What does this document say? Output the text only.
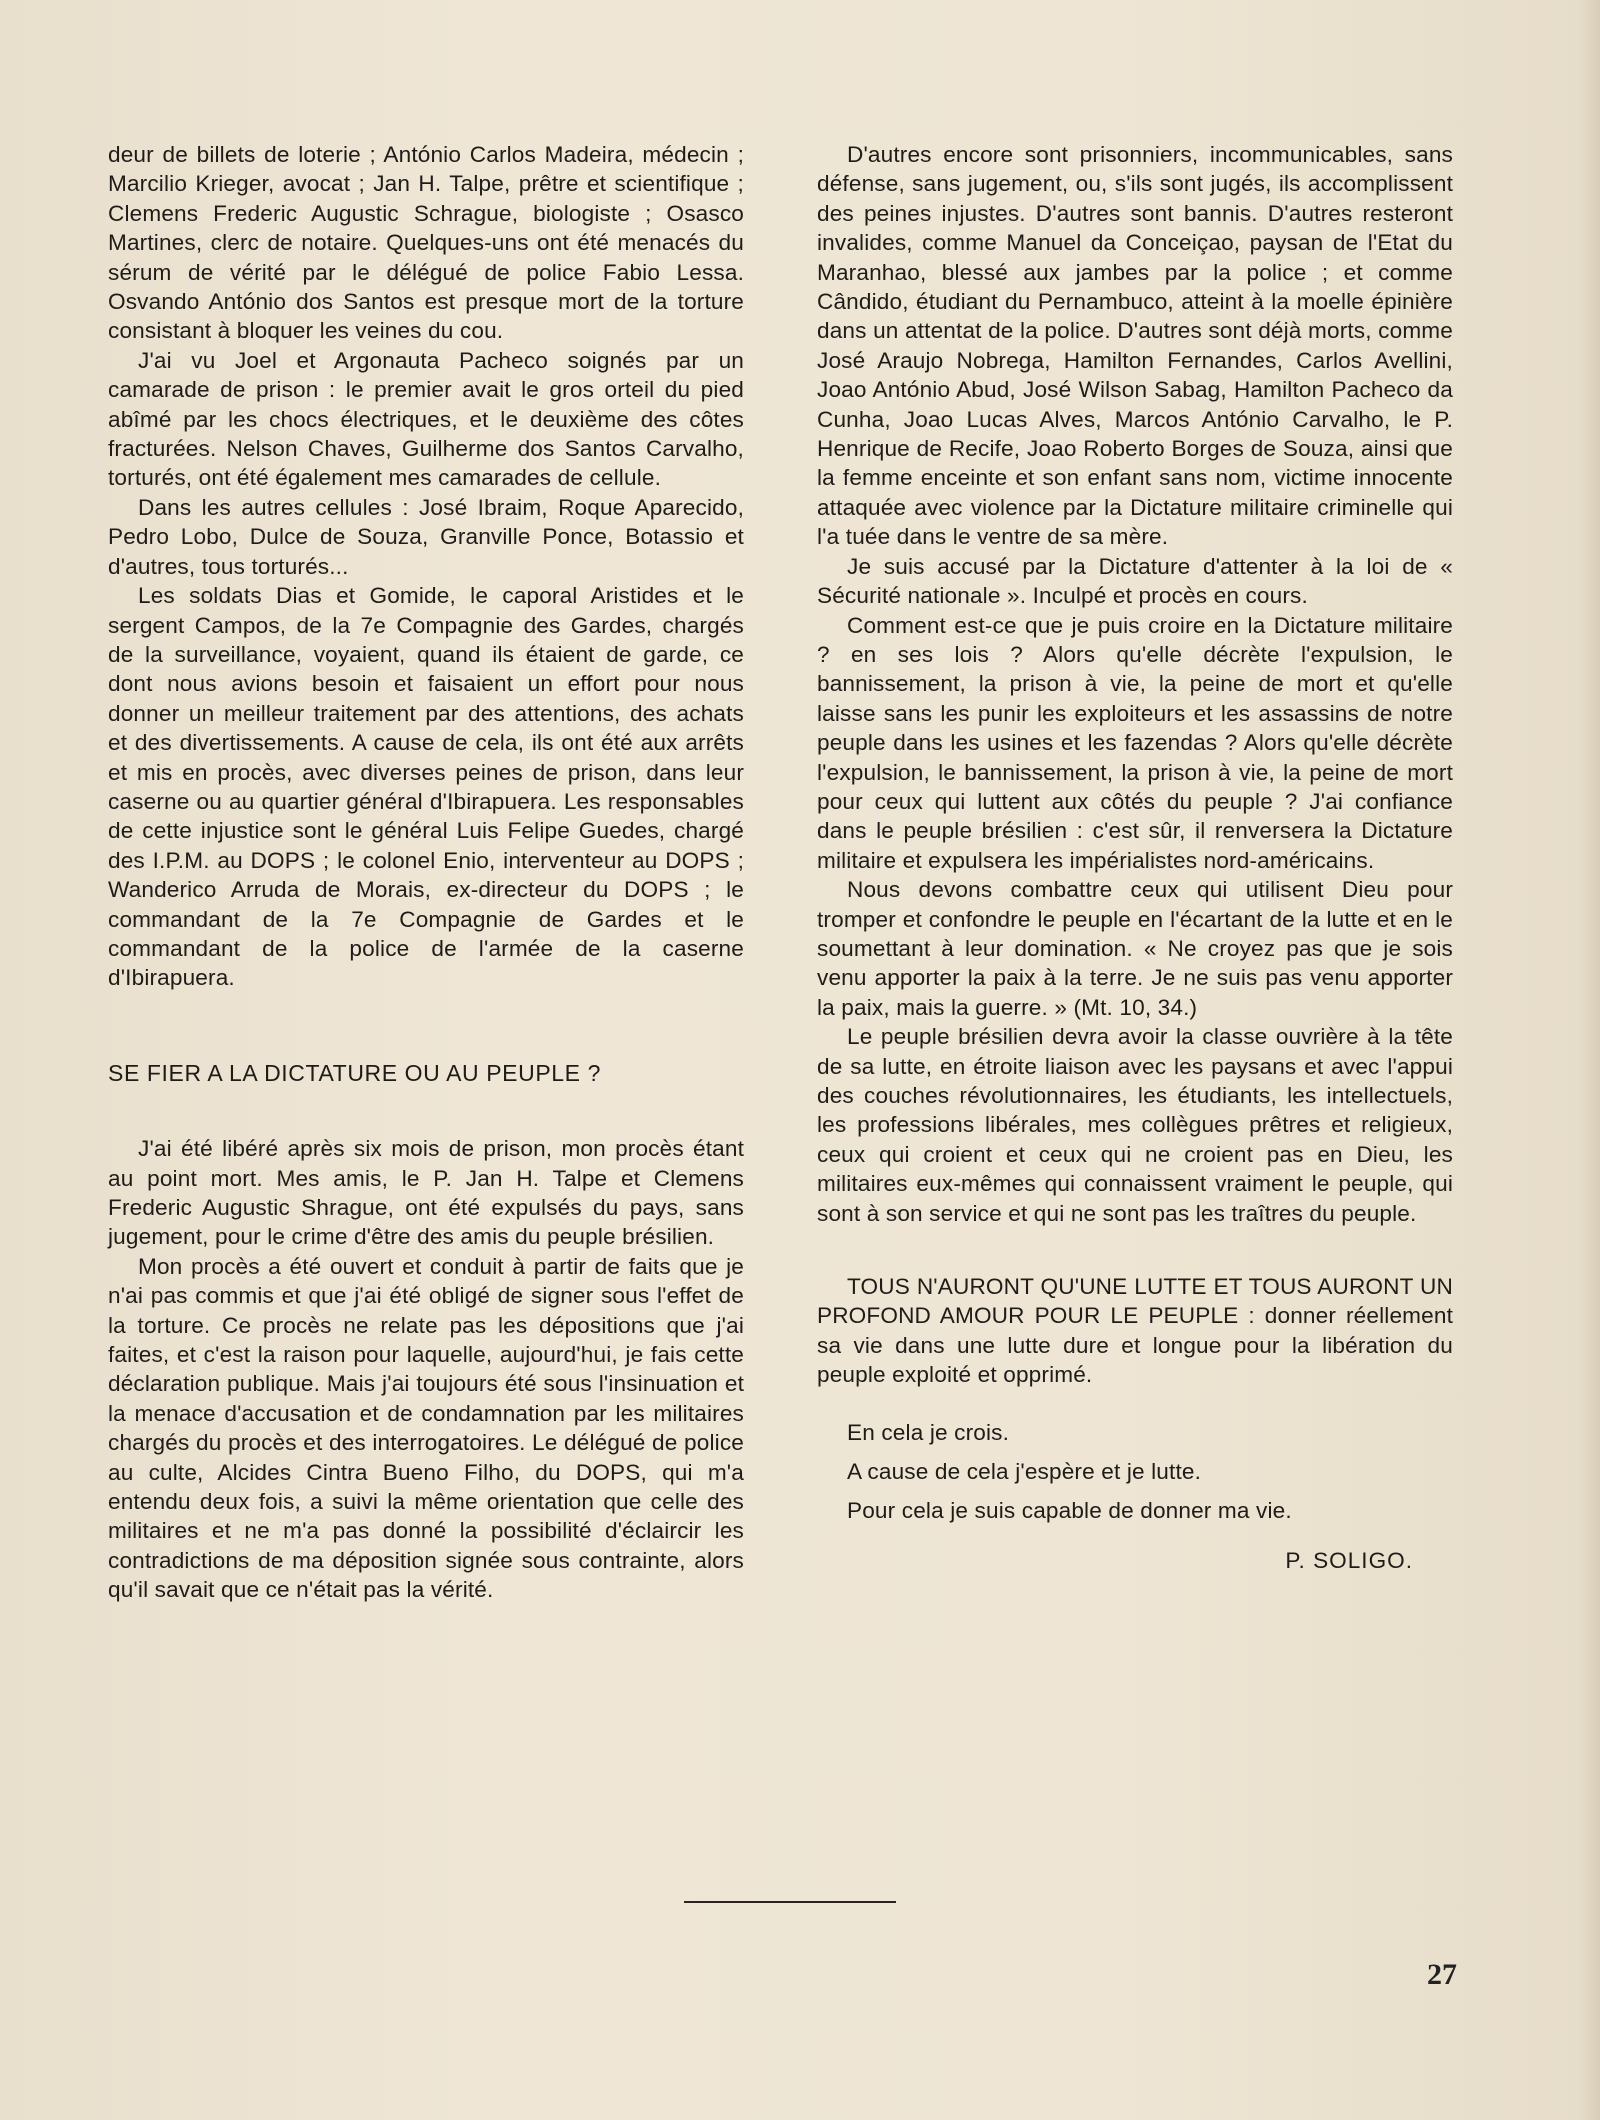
deur de billets de loterie ; António Carlos Madeira, médecin ; Marcilio Krieger, avocat ; Jan H. Talpe, prêtre et scientifique ; Clemens Frederic Augustic Schrague, biologiste ; Osasco Martines, clerc de notaire. Quelques-uns ont été menacés du sérum de vérité par le délégué de police Fabio Lessa. Osvando António dos Santos est presque mort de la torture consistant à bloquer les veines du cou.

J'ai vu Joel et Argonauta Pacheco soignés par un camarade de prison : le premier avait le gros orteil du pied abîmé par les chocs électriques, et le deuxième des côtes fracturées. Nelson Chaves, Guilherme dos Santos Carvalho, torturés, ont été également mes camarades de cellule.

Dans les autres cellules : José Ibraim, Roque Aparecido, Pedro Lobo, Dulce de Souza, Granville Ponce, Botassio et d'autres, tous torturés...

Les soldats Dias et Gomide, le caporal Aristides et le sergent Campos, de la 7e Compagnie des Gardes, chargés de la surveillance, voyaient, quand ils étaient de garde, ce dont nous avions besoin et faisaient un effort pour nous donner un meilleur traitement par des attentions, des achats et des divertissements. A cause de cela, ils ont été aux arrêts et mis en procès, avec diverses peines de prison, dans leur caserne ou au quartier général d'Ibirapuera. Les responsables de cette injustice sont le général Luis Felipe Guedes, chargé des I.P.M. au DOPS ; le colonel Enio, interventeur au DOPS ; Wanderico Arruda de Morais, ex-directeur du DOPS ; le commandant de la 7e Compagnie de Gardes et le commandant de la police de l'armée de la caserne d'Ibirapuera.

SE FIER A LA DICTATURE OU AU PEUPLE ?

J'ai été libéré après six mois de prison, mon procès étant au point mort. Mes amis, le P. Jan H. Talpe et Clemens Frederic Augustic Shrague, ont été expulsés du pays, sans jugement, pour le crime d'être des amis du peuple brésilien.

Mon procès a été ouvert et conduit à partir de faits que je n'ai pas commis et que j'ai été obligé de signer sous l'effet de la torture. Ce procès ne relate pas les dépositions que j'ai faites, et c'est la raison pour laquelle, aujourd'hui, je fais cette déclaration publique. Mais j'ai toujours été sous l'insinuation et la menace d'accusation et de condamnation par les militaires chargés du procès et des interrogatoires. Le délégué de police au culte, Alcides Cintra Bueno Filho, du DOPS, qui m'a entendu deux fois, a suivi la même orientation que celle des militaires et ne m'a pas donné la possibilité d'éclaircir les contradictions de ma déposition signée sous contrainte, alors qu'il savait que ce n'était pas la vérité.

D'autres encore sont prisonniers, incommunicables, sans défense, sans jugement, ou, s'ils sont jugés, ils accomplissent des peines injustes. D'autres sont bannis. D'autres resteront invalides, comme Manuel da Conceiçao, paysan de l'Etat du Maranhao, blessé aux jambes par la police ; et comme Cândido, étudiant du Pernambuco, atteint à la moelle épinière dans un attentat de la police. D'autres sont déjà morts, comme José Araujo Nobrega, Hamilton Fernandes, Carlos Avellini, Joao António Abud, José Wilson Sabag, Hamilton Pacheco da Cunha, Joao Lucas Alves, Marcos António Carvalho, le P. Henrique de Recife, Joao Roberto Borges de Souza, ainsi que la femme enceinte et son enfant sans nom, victime innocente attaquée avec violence par la Dictature militaire criminelle qui l'a tuée dans le ventre de sa mère.

Je suis accusé par la Dictature d'attenter à la loi de « Sécurité nationale ». Inculpé et procès en cours.

Comment est-ce que je puis croire en la Dictature militaire ? en ses lois ? Alors qu'elle décrète l'expulsion, le bannissement, la prison à vie, la peine de mort et qu'elle laisse sans les punir les exploiteurs et les assassins de notre peuple dans les usines et les fazendas ? Alors qu'elle décrète l'expulsion, le bannissement, la prison à vie, la peine de mort pour ceux qui luttent aux côtés du peuple ? J'ai confiance dans le peuple brésilien : c'est sûr, il renversera la Dictature militaire et expulsera les impérialistes nord-américains.

Nous devons combattre ceux qui utilisent Dieu pour tromper et confondre le peuple en l'écartant de la lutte et en le soumettant à leur domination. « Ne croyez pas que je sois venu apporter la paix à la terre. Je ne suis pas venu apporter la paix, mais la guerre. » (Mt. 10, 34.)

Le peuple brésilien devra avoir la classe ouvrière à la tête de sa lutte, en étroite liaison avec les paysans et avec l'appui des couches révolutionnaires, les étudiants, les intellectuels, les professions libérales, mes collègues prêtres et religieux, ceux qui croient et ceux qui ne croient pas en Dieu, les militaires eux-mêmes qui connaissent vraiment le peuple, qui sont à son service et qui ne sont pas les traîtres du peuple.

TOUS N'AURONT QU'UNE LUTTE ET TOUS AURONT UN PROFOND AMOUR POUR LE PEUPLE : donner réellement sa vie dans une lutte dure et longue pour la libération du peuple exploité et opprimé.

En cela je crois.

A cause de cela j'espère et je lutte.

Pour cela je suis capable de donner ma vie.

P. SOLIGO.
27
